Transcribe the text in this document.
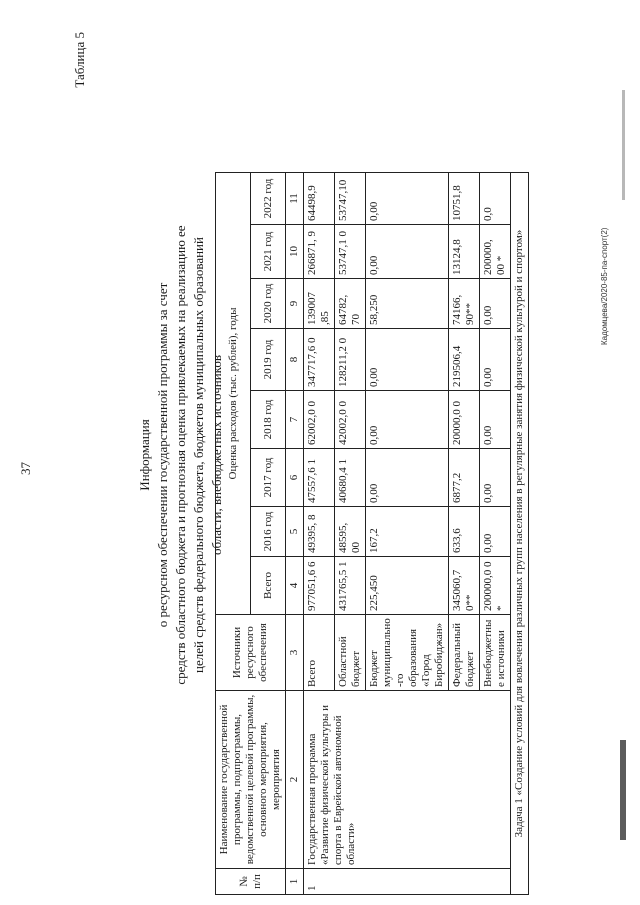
Таблица 5
37	Информация о ресурсном обеспечении государственной программы за счет средств областного бюджета и прогнозная оценка привлекаемых на реализацию ее целей средств федерального бюджета, бюджетов муниципальных образований области, внебюджетных источников
№ п/п	Наименование государственной программы, подпрограммы, ведомственной целевой программы, основного мероприятия, мероприятия	Источники ресурсного обеспечения	Оценка расходов (тыс. рублей), годы							
			Всего	2016 год	2017 год	2018 год	2019 год	2020 год	2021 год	2022 год
1	2	3	4	5	6	7	8	9	10	11
1	Государственная программа «Развитие физической культуры и спорта в Еврейской автономной области»	Всего	977051,6 6	49395, 8	47557,6 1	62002,0 0	347717,6 0	139007 ,85	266871, 9	64498,9
		Областной бюджет	431765,5 1	48595, 00	40680,4 1	42002,0 0	128211,2 0	64782, 70	53747,1 0	53747,10
		Бюджет муниципально -го образования «Город Биробиджан»	225,450	167,2	0,00	0,00	0,00	58,250	0,00	0,00
		Федеральный бюджет	345060,7 0**	633,6	6877,2	20000,0 0	219506,4	74166, 90**	13124,8	10751,8
		Внебюджетны е источники	200000,0 0 *	0,00	0,00	0,00	0,00	0,00	200000, 00 *	0,0
Задача 1 «Создание условий для вовлечения различных групп населения в регулярные занятия физической культурой и спортом»											Кадомцева/2020-85-па-спорт(2)
